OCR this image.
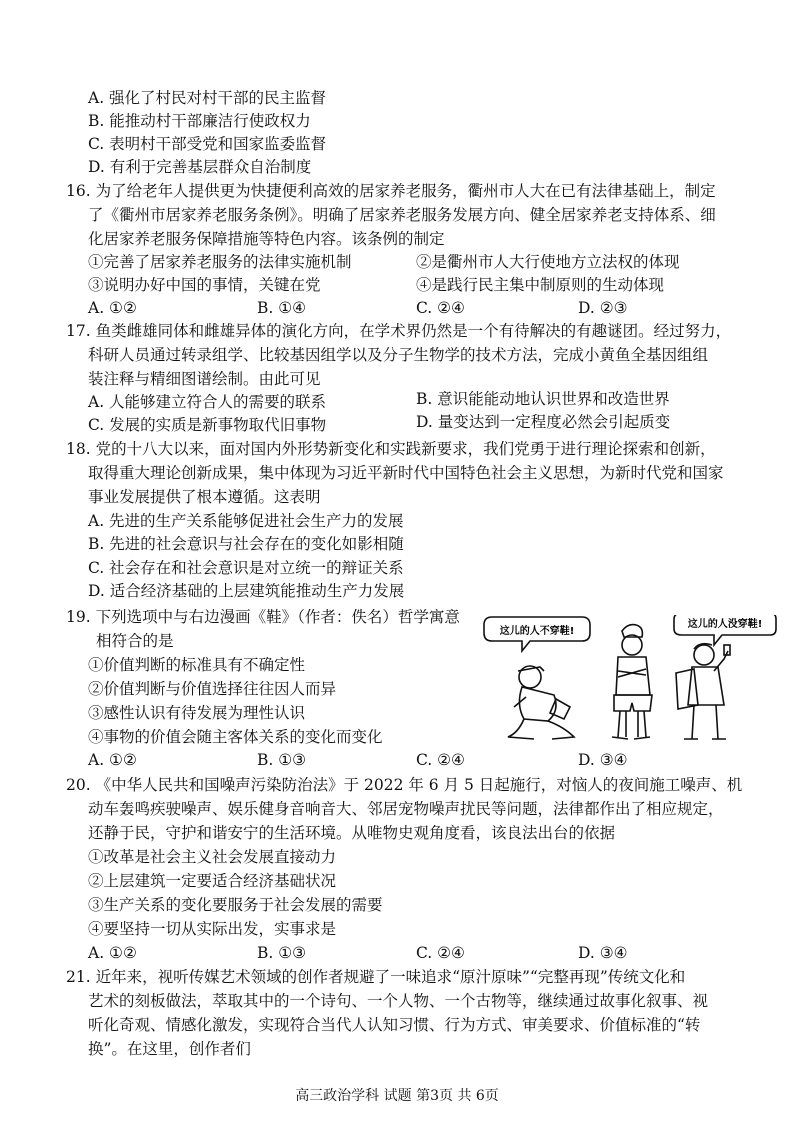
A. 强化了村民对村干部的民主监督
B. 能推动村干部廉洁行使政权力
C. 表明村干部受党和国家监委监督
D. 有利于完善基层群众自治制度
16. 为了给老年人提供更为快捷便利高效的居家养老服务，衢州市人大在已有法律基础上，制定
了《衢州市居家养老服务条例》。明确了居家养老服务发展方向、健全居家养老支持体系、细
化居家养老服务保障措施等特色内容。该条例的制定
①完善了居家养老服务的法律实施机制	②是衢州市人大行使地方立法权的体现
③说明办好中国的事情，关键在党	④是践行民主集中制原则的生动体现
A. ①②	B. ①④	C. ②④	D. ②③
17. 鱼类雌雄同体和雌雄异体的演化方向，在学术界仍然是一个有待解决的有趣谜团。经过努力，
科研人员通过转录组学、比较基因组学以及分子生物学的技术方法，完成小黄鱼全基因组组
装注释与精细图谱绘制。由此可见
A. 人能够建立符合人的需要的联系	B. 意识能能动地认识世界和改造世界
C. 发展的实质是新事物取代旧事物	D. 量变达到一定程度必然会引起质变
18. 党的十八大以来，面对国内外形势新变化和实践新要求，我们党勇于进行理论探索和创新，
取得重大理论创新成果，集中体现为习近平新时代中国特色社会主义思想，为新时代党和国家
事业发展提供了根本遵循。这表明
A. 先进的生产关系能够促进社会生产力的发展
B. 先进的社会意识与社会存在的变化如影相随
C. 社会存在和社会意识是对立统一的辩证关系
D. 适合经济基础的上层建筑能推动生产力发展
19. 下列选项中与右边漫画《鞋》（作者：佚名）哲学寓意
相符合的是
①价值判断的标准具有不确定性
②价值判断与价值选择往往因人而异
③感性认识有待发展为理性认识
④事物的价值会随主客体关系的变化而变化
A. ①②	B. ①③	C. ②④	D. ③④
这儿的人不穿鞋!
这儿的人没穿鞋!
20. 《中华人民共和国噪声污染防治法》于 2022 年 6 月 5 日起施行，对恼人的夜间施工噪声、机
动车轰鸣疾驶噪声、娱乐健身音响音大、邻居宠物噪声扰民等问题，法律都作出了相应规定，
还静于民，守护和谐安宁的生活环境。从唯物史观角度看，该良法出台的依据
①改革是社会主义社会发展直接动力
②上层建筑一定要适合经济基础状况
③生产关系的变化要服务于社会发展的需要
④要坚持一切从实际出发，实事求是
A. ①②	B. ①③	C. ②④	D. ③④
21. 近年来，视听传媒艺术领域的创作者规避了一味追求“原汁原味”“完整再现”传统文化和
艺术的刻板做法，萃取其中的一个诗句、一个人物、一个古物等，继续通过故事化叙事、视
听化奇观、情感化激发，实现符合当代人认知习惯、行为方式、审美要求、价值标准的“转
换”。在这里，创作者们
高三政治学科 试题 第3页 共 6页
